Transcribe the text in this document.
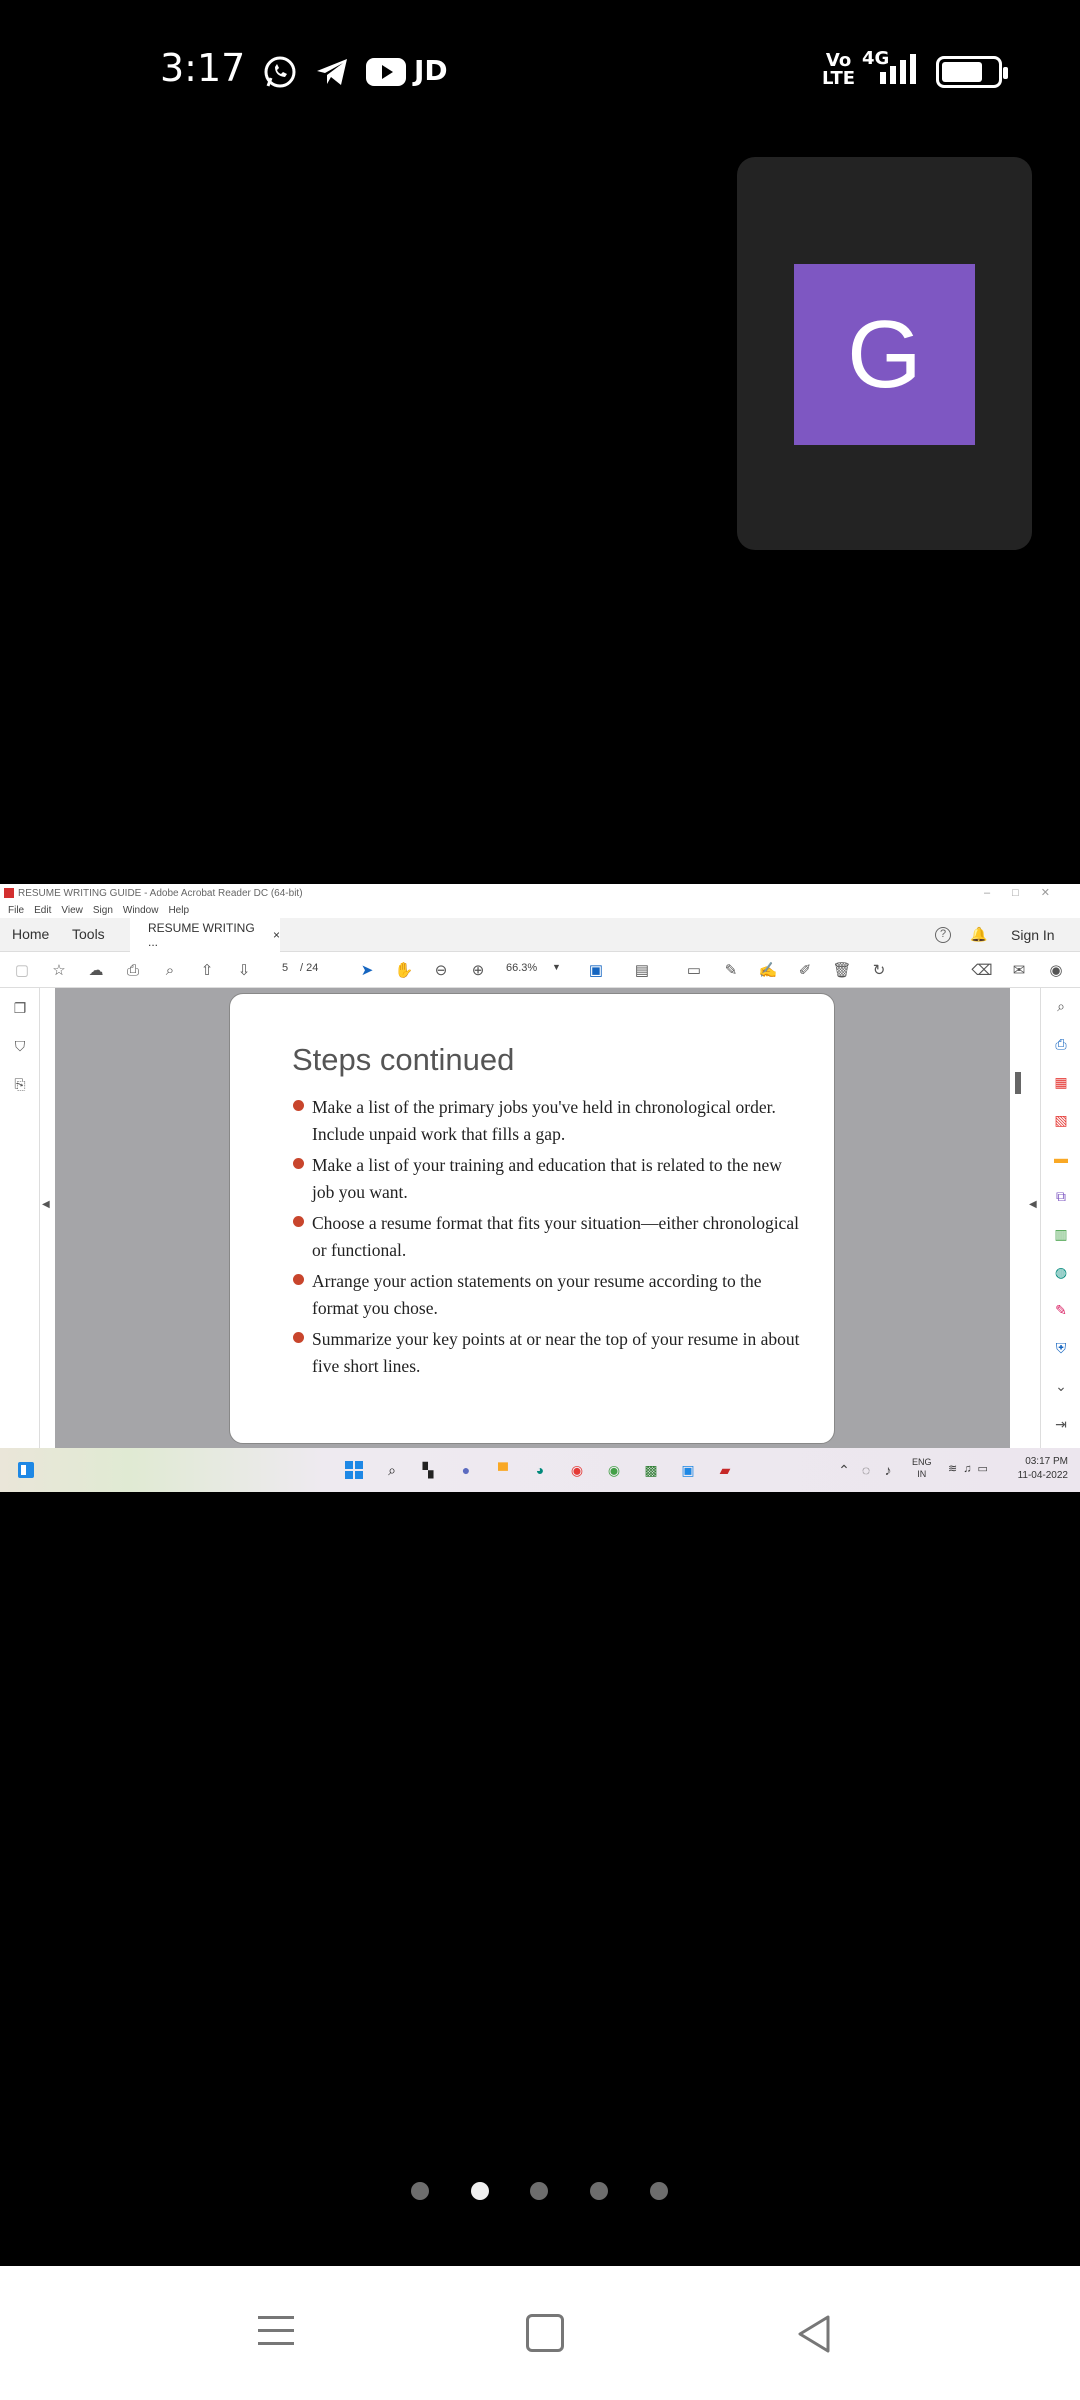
3:17	JD	Vo
LTE
4G
G
RESUME WRITING GUIDE - Adobe Acrobat Reader DC (64-bit)	–□✕
File Edit View Sign Window Help
Home Tools	RESUME WRITING ...	×	?	🔔 Sign In
▢ ☆ ☁ ⎙	⌕	⇧ ⇩	5	/ 24	➤ ✋ ⊖ ⊕	66.3% ▼ ▣ ▤	▭ ✎ ✍ ✐ 🗑 ↻	⌫ ✉ ◉
❐
⛉
⎘
Steps continued
Make a list of the primary jobs you've held in chronological order. Include unpaid work that fills a gap.
Make a list of your training and education that is related to the new job you want.
Choose a resume format that fits your situation—either chronological or functional.
Arrange your action statements on your resume according to the format you chose.
Summarize your key points at or near the top of your resume in about five short lines.
◀	◀
⌕
⎙
▦
▧
▬
⧉
▥
◍
✎
⛨
⌄
⇥
⌕	▚	●	▀	◕	◉ ◉ ▩ ▣	▰	⌃ ◌	♪	ENG
IN	≋♫▭
03:17 PM
11-04-2022
